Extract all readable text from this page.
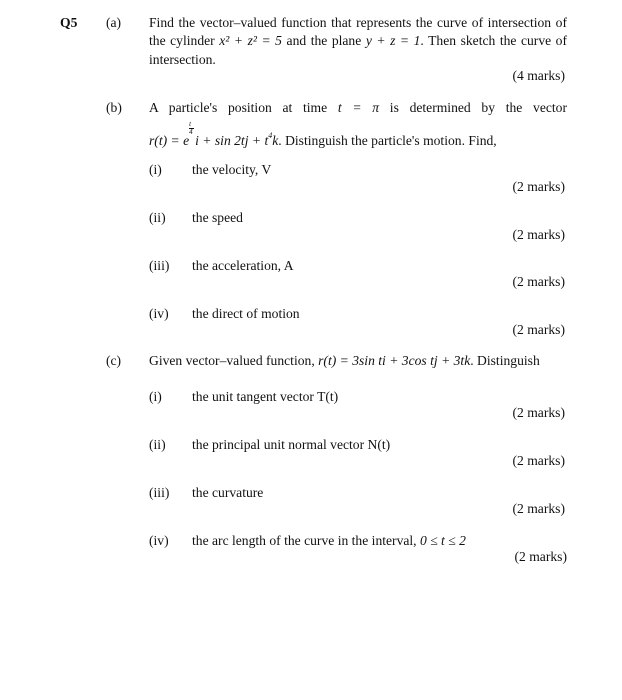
Q5 (a) Find the vector–valued function that represents the curve of intersection of
the cylinder x² + z² = 5 and the plane y + z = 1. Then sketch the curve of
intersection.
(4 marks)
(b) A particle's position at time t = π is determined by the vector
r(t) = e
$\frac{t}{4}$
$i + \sin 2tj + t^4k$. Distinguish the particle's motion. Find,
(i) the velocity, V
(2 marks)
(ii) the speed
(2 marks)
(iii) the acceleration, A
(2 marks)
(iv) the direct of motion
(2 marks)
(c) Given vector–valued function, r(t) = 3sin ti + 3cos tj + 3tk. Distinguish
(i) the unit tangent vector T(t)
(2 marks)
(ii) the principal unit normal vector N(t)
(2 marks)
(iii) the curvature
(2 marks)
(iv) the arc length of the curve in the interval, 0 ≤ t ≤ 2
(2 marks)
